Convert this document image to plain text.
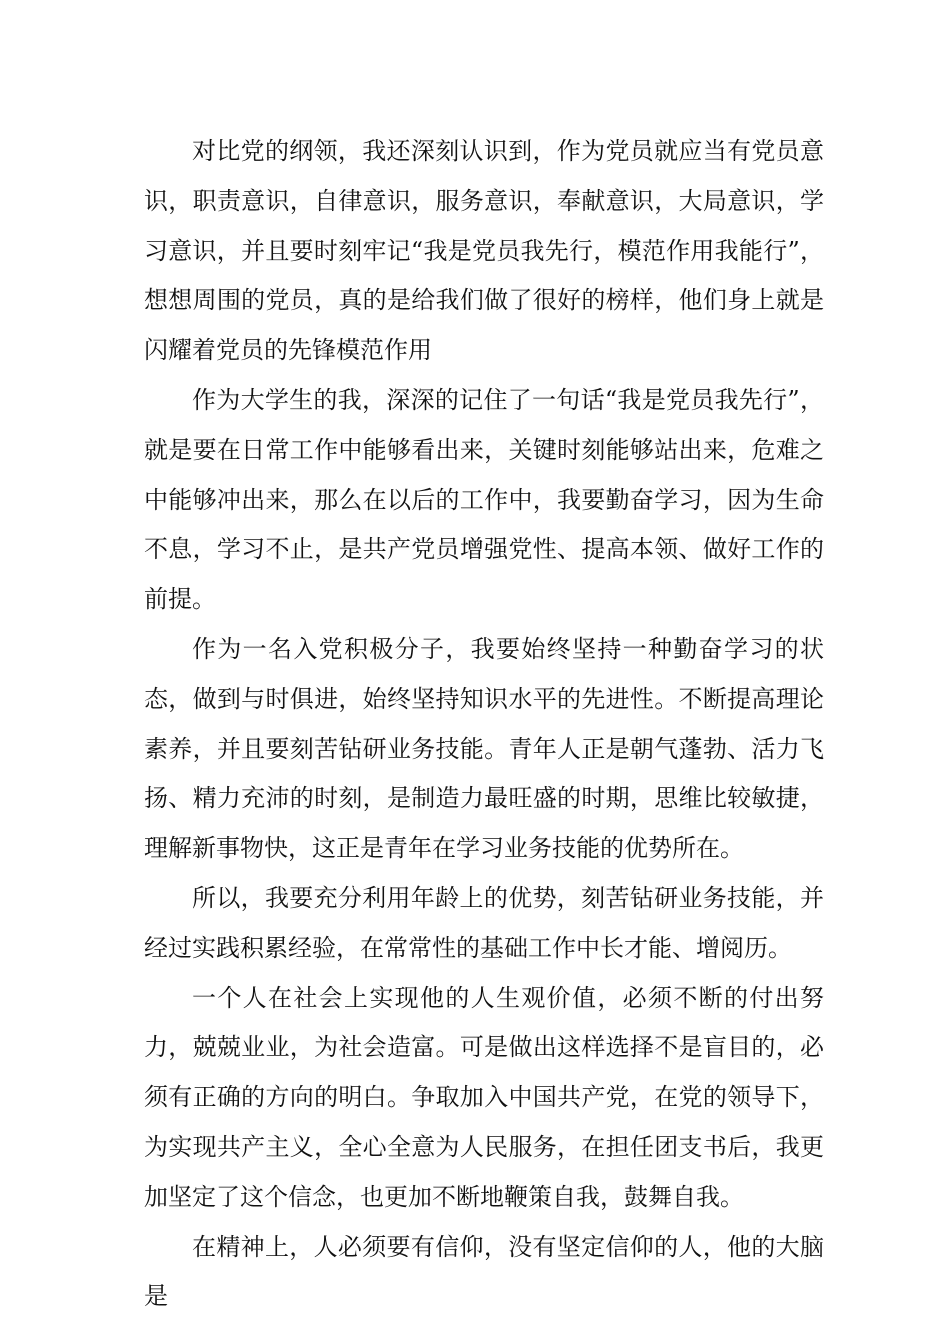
对比党的纲领，我还深刻认识到，作为党员就应当有党员意识，职责意识，自律意识，服务意识，奉献意识，大局意识，学习意识，并且要时刻牢记“我是党员我先行，模范作用我能行”，想想周围的党员，真的是给我们做了很好的榜样，他们身上就是闪耀着党员的先锋模范作用

作为大学生的我，深深的记住了一句话“我是党员我先行”，就是要在日常工作中能够看出来，关键时刻能够站出来，危难之中能够冲出来，那么在以后的工作中，我要勤奋学习，因为生命不息，学习不止，是共产党员增强党性、提高本领、做好工作的前提。

作为一名入党积极分子，我要始终坚持一种勤奋学习的状态，做到与时俱进，始终坚持知识水平的先进性。不断提高理论素养，并且要刻苦钻研业务技能。青年人正是朝气蓬勃、活力飞扬、精力充沛的时刻，是制造力最旺盛的时期，思维比较敏捷，理解新事物快，这正是青年在学习业务技能的优势所在。

所以，我要充分利用年龄上的优势，刻苦钻研业务技能，并经过实践积累经验，在常常性的基础工作中长才能、增阅历。

一个人在社会上实现他的人生观价值，必须不断的付出努力，兢兢业业，为社会造富。可是做出这样选择不是盲目的，必须有正确的方向的明白。争取加入中国共产党，在党的领导下，为实现共产主义，全心全意为人民服务，在担任团支书后，我更加坚定了这个信念，也更加不断地鞭策自我，鼓舞自我。

在精神上，人必须要有信仰，没有坚定信仰的人，他的大脑是
